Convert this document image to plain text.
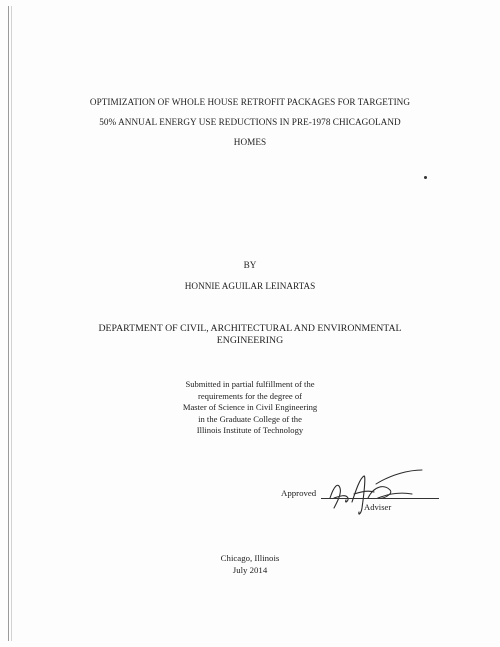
OPTIMIZATION OF WHOLE HOUSE RETROFIT PACKAGES FOR TARGETING
50% ANNUAL ENERGY USE REDUCTIONS IN PRE-1978 CHICAGOLAND
HOMES
BY
HONNIE AGUILAR LEINARTAS
DEPARTMENT OF CIVIL, ARCHITECTURAL AND ENVIRONMENTAL
ENGINEERING
Submitted in partial fulfillment of the
requirements for the degree of
Master of Science in Civil Engineering
in the Graduate College of the
Illinois Institute of Technology
Approved
Adviser
Chicago, Illinois
July 2014
